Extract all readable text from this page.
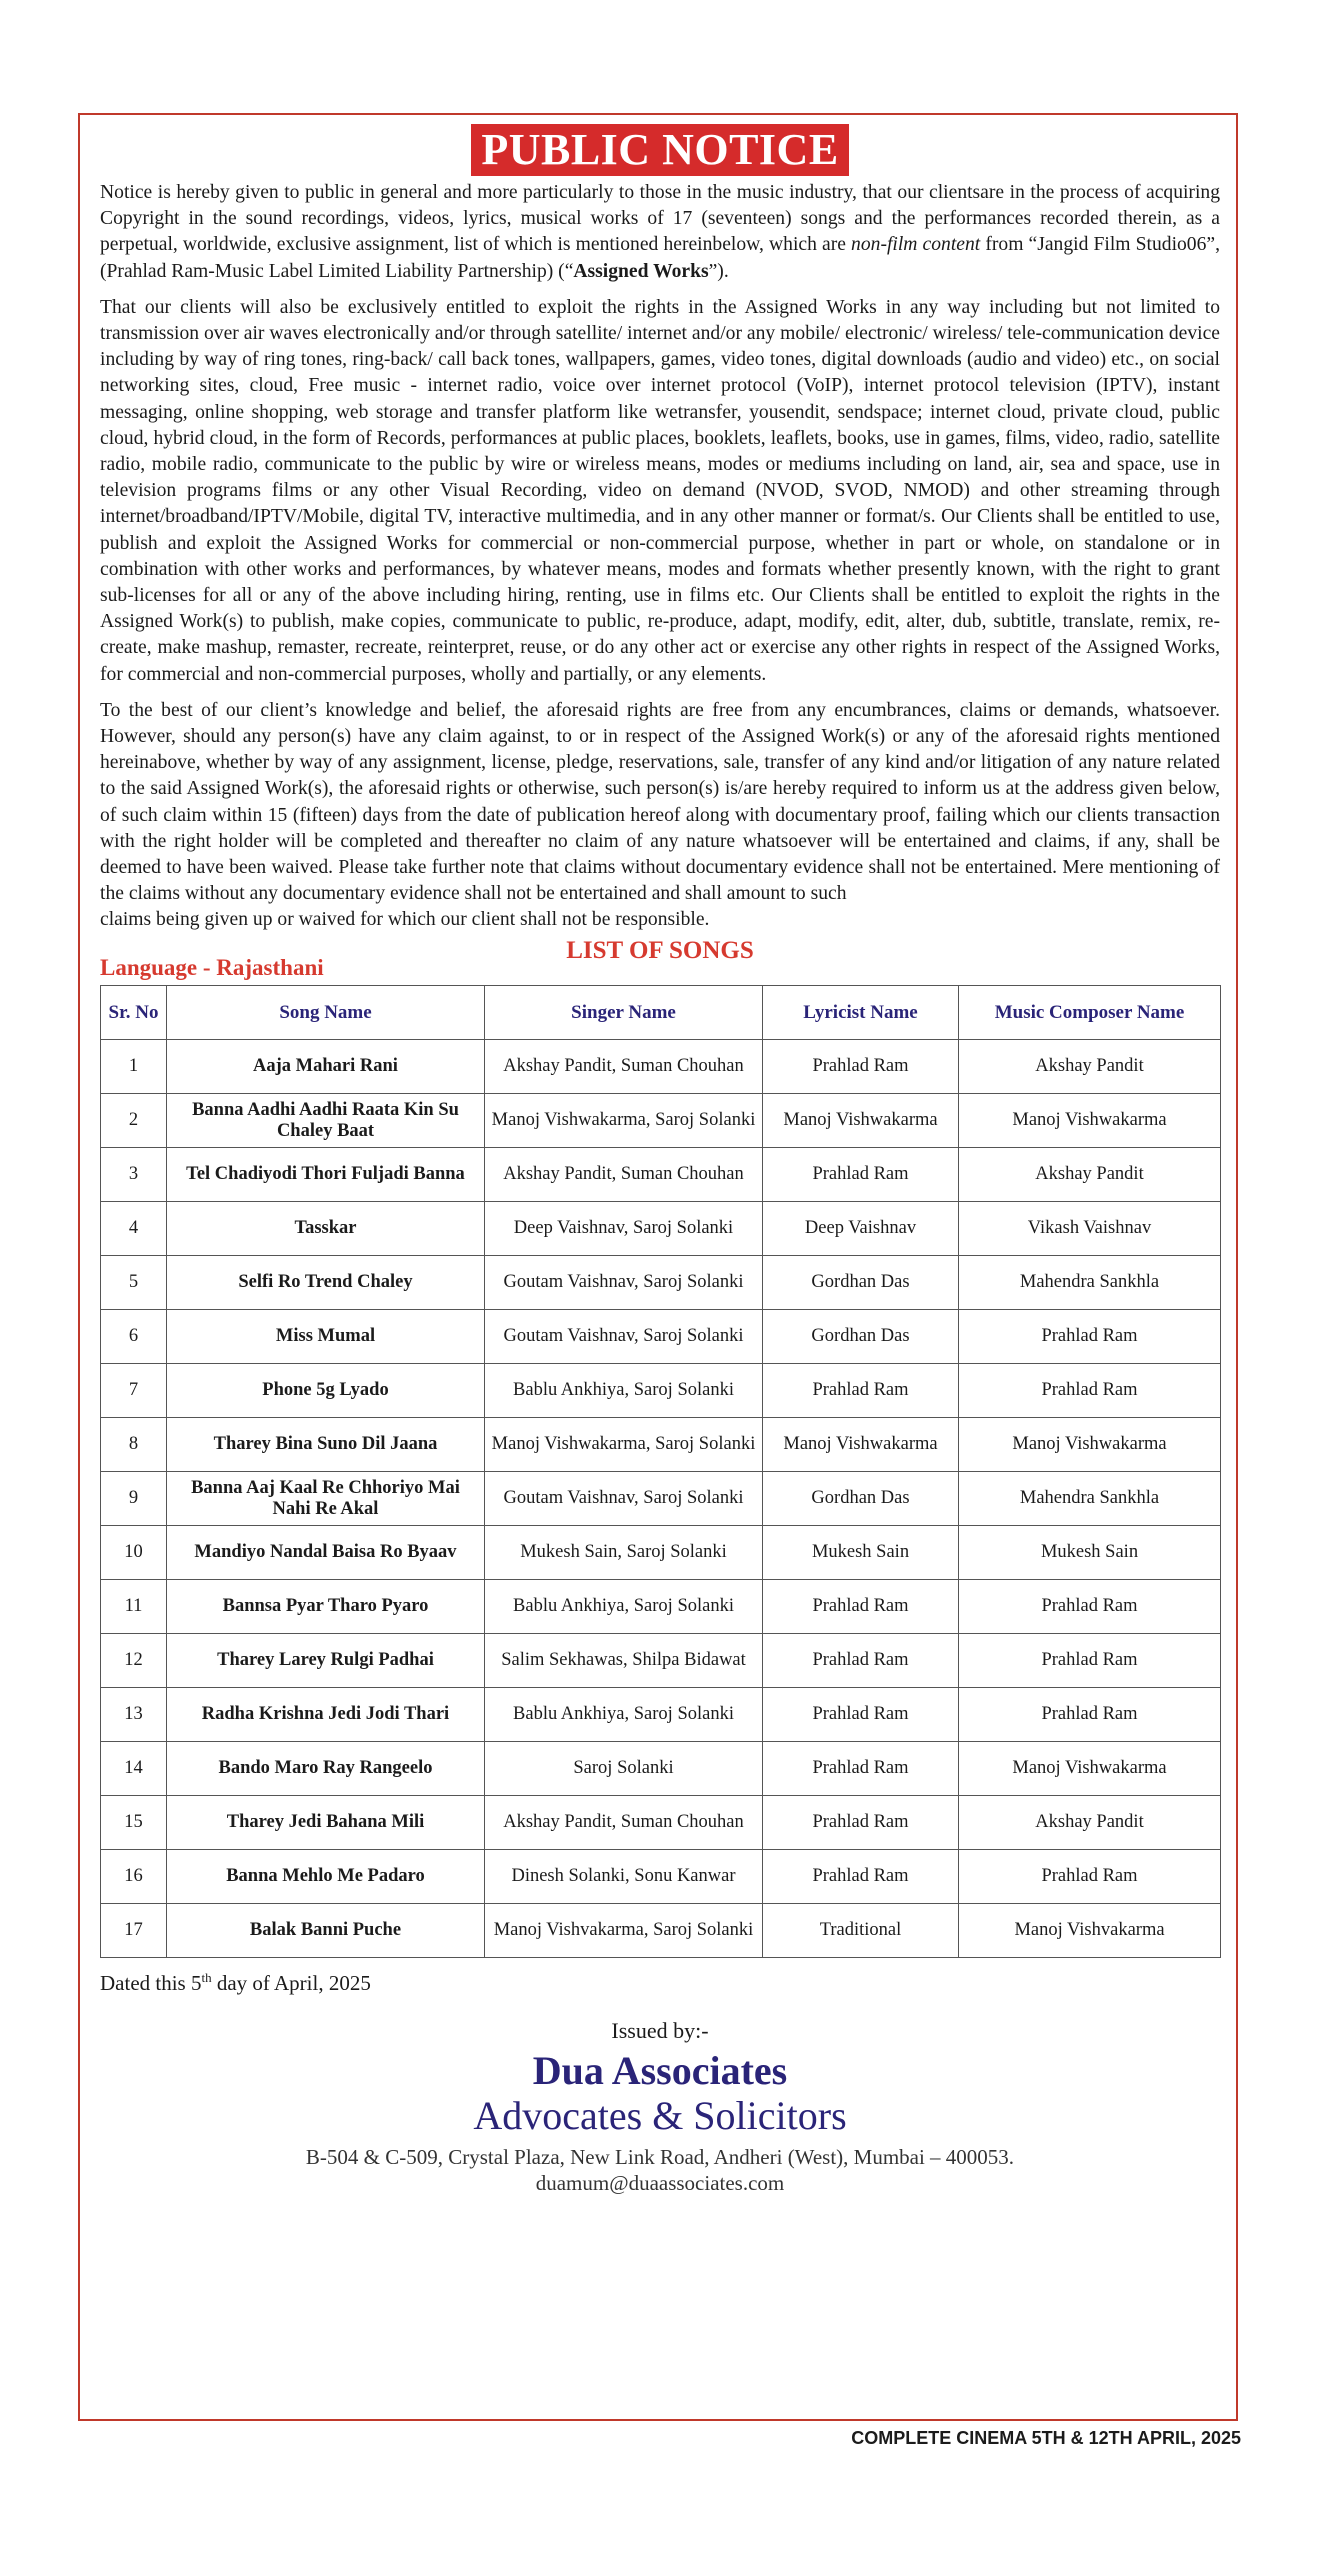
PUBLIC NOTICE

Notice is hereby given to public in general and more particularly to those in the music industry, that our clientsare in the process of acquiring Copyright in the sound recordings, videos, lyrics, musical works of 17 (seventeen) songs and the performances recorded therein, as a perpetual, worldwide, exclusive assignment, list of which is mentioned hereinbelow, which are non-film content from “Jangid Film Studio06”, (Prahlad Ram-Music Label Limited Liability Partnership) (“Assigned Works”).

That our clients will also be exclusively entitled to exploit the rights in the Assigned Works in any way including but not limited to transmission over air waves electronically and/or through satellite/ internet and/or any mobile/ electronic/ wireless/ tele-communication device including by way of ring tones, ring-back/ call back tones, wallpapers, games, video tones, digital downloads (audio and video) etc., on social networking sites, cloud, Free music - internet radio, voice over internet protocol (VoIP), internet protocol television (IPTV), instant messaging, online shopping, web storage and transfer platform like wetransfer, yousendit, sendspace; internet cloud, private cloud, public cloud, hybrid cloud, in the form of Records, performances at public places, booklets, leaflets, books, use in games, films, video, radio, satellite radio, mobile radio, communicate to the public by wire or wireless means, modes or mediums including on land, air, sea and space, use in television programs films or any other Visual Recording, video on demand (NVOD, SVOD, NMOD) and other streaming through internet/broadband/IPTV/Mobile, digital TV, interactive multimedia, and in any other manner or format/s. Our Clients shall be entitled to use, publish and exploit the Assigned Works for commercial or non-commercial purpose, whether in part or whole, on standalone or in combination with other works and performances, by whatever means, modes and formats whether presently known, with the right to grant sub-licenses for all or any of the above including hiring, renting, use in films etc. Our Clients shall be entitled to exploit the rights in the Assigned Work(s) to publish, make copies, communicate to public, re-produce, adapt, modify, edit, alter, dub, subtitle, translate, remix, re-create, make mashup, remaster, recreate, reinterpret, reuse, or do any other act or exercise any other rights in respect of the Assigned Works, for commercial and non-commercial purposes, wholly and partially, or any elements.

To the best of our client’s knowledge and belief, the aforesaid rights are free from any encumbrances, claims or demands, whatsoever. However, should any person(s) have any claim against, to or in respect of the Assigned Work(s) or any of the aforesaid rights mentioned hereinabove, whether by way of any assignment, license, pledge, reservations, sale, transfer of any kind and/or litigation of any nature related to the said Assigned Work(s), the aforesaid rights or otherwise, such person(s) is/are hereby required to inform us at the address given below, of such claim within 15 (fifteen) days from the date of publication hereof along with documentary proof, failing which our clients transaction with the right holder will be completed and thereafter no claim of any nature whatsoever will be entertained and claims, if any, shall be deemed to have been waived. Please take further note that claims without documentary evidence shall not be entertained. Mere mentioning of the claims without any documentary evidence shall not be entertained and shall amount to such

claims being given up or waived for which our client shall not be responsible.

LIST OF SONGS
Language - Rajasthani
Sr. No	Song Name	Singer Name	Lyricist Name	Music Composer Name
1	Aaja Mahari Rani	Akshay Pandit, Suman Chouhan	Prahlad Ram	Akshay Pandit
2	Banna Aadhi Aadhi Raata Kin Su Chaley Baat	Manoj Vishwakarma, Saroj Solanki	Manoj Vishwakarma	Manoj Vishwakarma
3	Tel Chadiyodi Thori Fuljadi Banna	Akshay Pandit, Suman Chouhan	Prahlad Ram	Akshay Pandit
4	Tasskar	Deep Vaishnav, Saroj Solanki	Deep Vaishnav	Vikash Vaishnav
5	Selfi Ro Trend Chaley	Goutam Vaishnav, Saroj Solanki	Gordhan Das	Mahendra Sankhla
6	Miss Mumal	Goutam Vaishnav, Saroj Solanki	Gordhan Das	Prahlad Ram
7	Phone 5g Lyado	Bablu Ankhiya, Saroj Solanki	Prahlad Ram	Prahlad Ram
8	Tharey Bina Suno Dil Jaana	Manoj Vishwakarma, Saroj Solanki	Manoj Vishwakarma	Manoj Vishwakarma
9	Banna Aaj Kaal Re Chhoriyo Mai Nahi Re Akal	Goutam Vaishnav, Saroj Solanki	Gordhan Das	Mahendra Sankhla
10	Mandiyo Nandal Baisa Ro Byaav	Mukesh Sain, Saroj Solanki	Mukesh Sain	Mukesh Sain
11	Bannsa Pyar Tharo Pyaro	Bablu Ankhiya, Saroj Solanki	Prahlad Ram	Prahlad Ram
12	Tharey Larey Rulgi Padhai	Salim Sekhawas, Shilpa Bidawat	Prahlad Ram	Prahlad Ram
13	Radha Krishna Jedi Jodi Thari	Bablu Ankhiya, Saroj Solanki	Prahlad Ram	Prahlad Ram
14	Bando Maro Ray Rangeelo	Saroj Solanki	Prahlad Ram	Manoj Vishwakarma
15	Tharey Jedi Bahana Mili	Akshay Pandit, Suman Chouhan	Prahlad Ram	Akshay Pandit
16	Banna Mehlo Me Padaro	Dinesh Solanki, Sonu Kanwar	Prahlad Ram	Prahlad Ram
17	Balak Banni Puche	Manoj Vishvakarma, Saroj Solanki	Traditional	Manoj Vishvakarma
Dated this 5th day of April, 2025
Issued by:-
Dua Associates
Advocates & Solicitors
B-504 & C-509, Crystal Plaza, New Link Road, Andheri (West), Mumbai – 400053.
duamum@duaassociates.com
COMPLETE CINEMA 5TH & 12TH APRIL, 2025
